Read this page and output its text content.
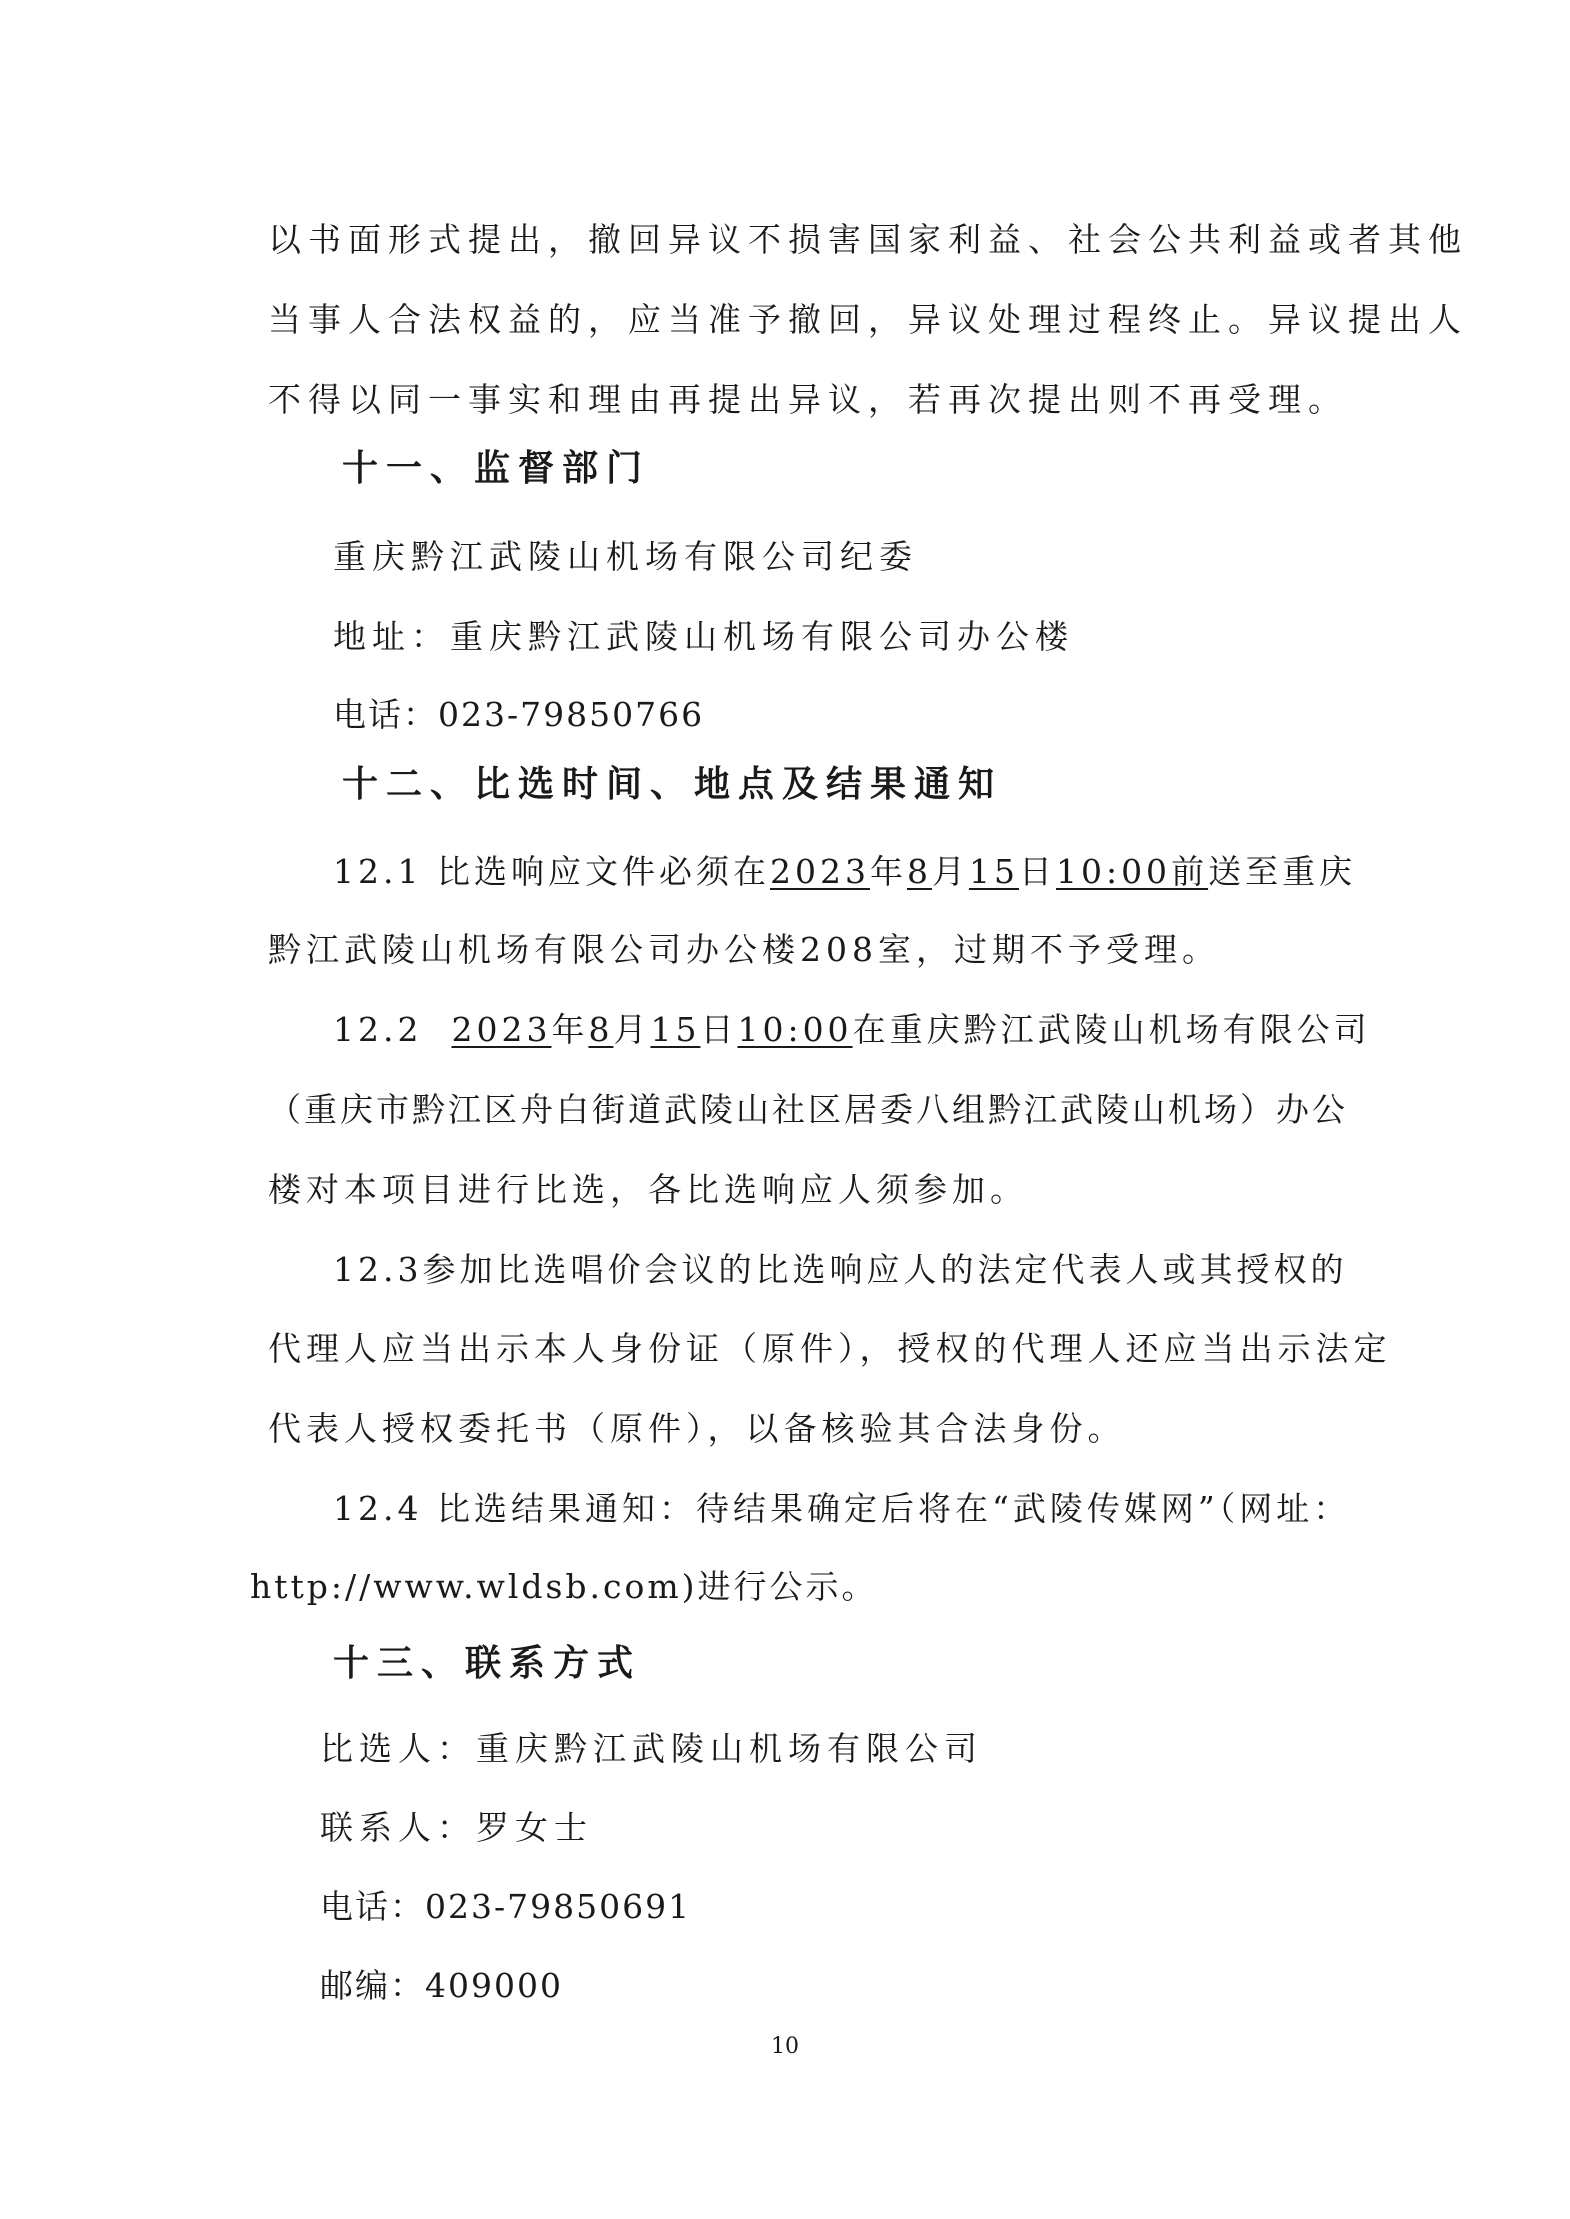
以书面形式提出，撤回异议不损害国家利益、社会公共利益或者其他
当事人合法权益的，应当准予撤回，异议处理过程终止。异议提出人
不得以同一事实和理由再提出异议，若再次提出则不再受理。
十一、监督部门
重庆黔江武陵山机场有限公司纪委
地址：重庆黔江武陵山机场有限公司办公楼
电话：023-79850766
十二、比选时间、地点及结果通知
12.1 比选响应文件必须在2023年8月15日10:00前送至重庆
黔江武陵山机场有限公司办公楼208室，过期不予受理。
12.2 2023年8月15日10:00在重庆黔江武陵山机场有限公司
（重庆市黔江区舟白街道武陵山社区居委八组黔江武陵山机场）办公
楼对本项目进行比选，各比选响应人须参加。
12.3参加比选唱价会议的比选响应人的法定代表人或其授权的
代理人应当出示本人身份证（原件），授权的代理人还应当出示法定
代表人授权委托书（原件），以备核验其合法身份。
12.4 比选结果通知：待结果确定后将在“武陵传媒网”（网址：
http://www.wldsb.com)进行公示。
十三、联系方式
比选人：重庆黔江武陵山机场有限公司
联系人：罗女士
电话：023-79850691
邮编：409000
10
